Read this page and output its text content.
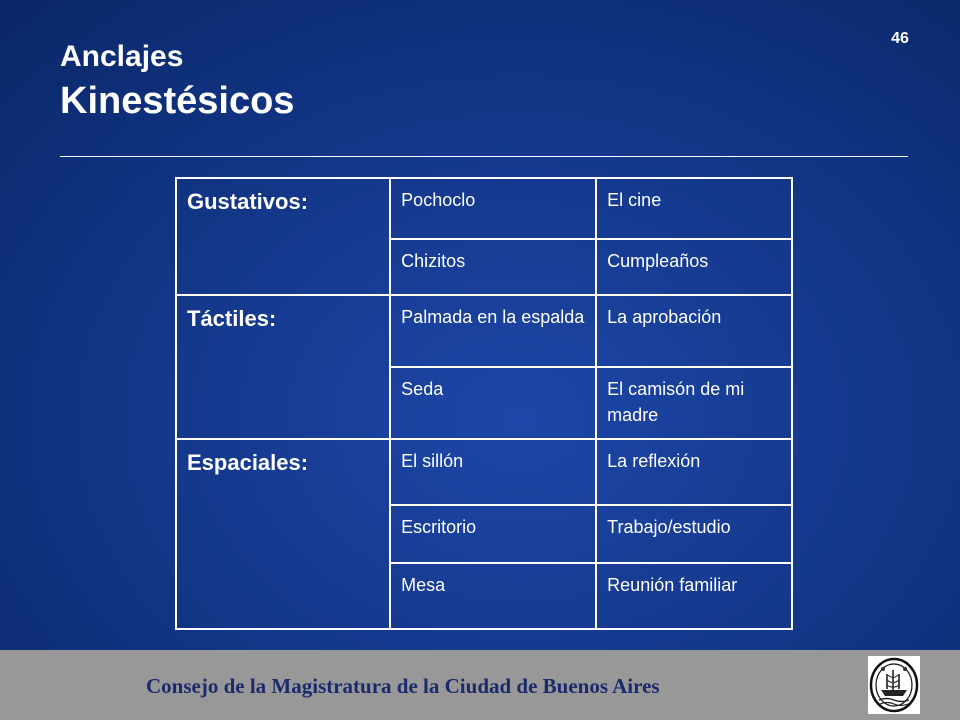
46
Anclajes
Kinestésicos
Gustativos:	Pochoclo	El cine
	Chizitos	Cumpleaños
Táctiles:	Palmada en la espalda	La aprobación
	Seda	El camisón de mi madre
Espaciales:	El sillón	La reflexión
	Escritorio	Trabajo/estudio
	Mesa	Reunión familiar
Consejo de la Magistratura de la Ciudad de Buenos Aires
